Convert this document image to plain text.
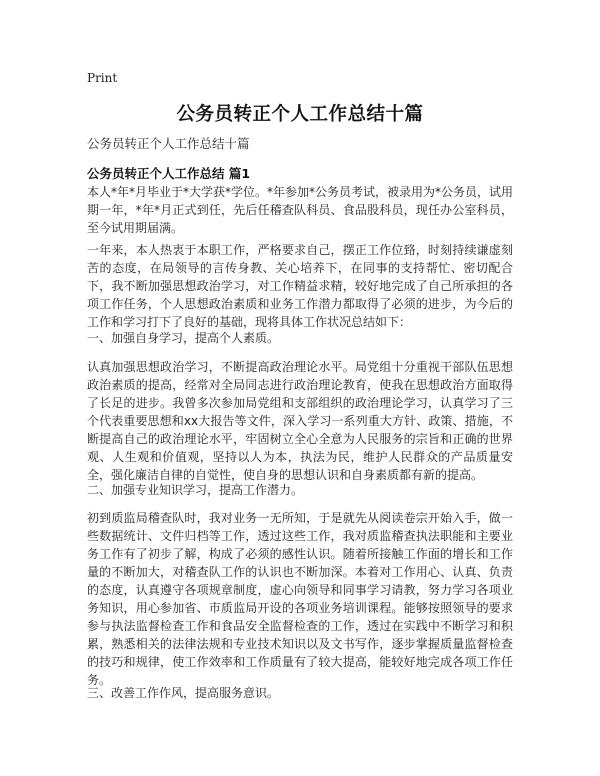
Print
公务员转正个人工作总结十篇
公务员转正个人工作总结十篇
公务员转正个人工作总结 篇1

本人*年*月毕业于*大学获*学位。*年参加*公务员考试，被录用为*公务员，试用期一年，*年*月正式到任，先后任稽查队科员、食品股科员，现任办公室科员，至今试用期届满。

一年来，本人热衷于本职工作，严格要求自己，摆正工作位臵，时刻持续谦虚刻苦的态度，在局领导的言传身教、关心培养下，在同事的支持帮忙、密切配合下，我不断加强思想政治学习，对工作精益求精，较好地完成了自己所承担的各项工作任务，个人思想政治素质和业务工作潜力都取得了必须的进步，为今后的工作和学习打下了良好的基础，现将具体工作状况总结如下：

一、加强自身学习，提高个人素质。

认真加强思想政治学习，不断提高政治理论水平。局党组十分重视干部队伍思想政治素质的提高，经常对全局同志进行政治理论教育，使我在思想政治方面取得了长足的进步。我曾多次参加局党组和支部组织的政治理论学习，认真学习了三个代表重要思想和xx大报告等文件，深入学习一系列重大方针、政策、措施，不断提高自己的政治理论水平，牢固树立全心全意为人民服务的宗旨和正确的世界观、人生观和价值观，坚持以人为本，执法为民，维护人民群众的产品质量安全，强化廉洁自律的自觉性，使自身的思想认识和自身素质都有新的提高。

二、加强专业知识学习，提高工作潜力。

初到质监局稽查队时，我对业务一无所知，于是就先从阅读卷宗开始入手，做一些数据统计、文件归档等工作，透过这些工作，我对质监稽查执法职能和主要业务工作有了初步了解，构成了必须的感性认识。随着所接触工作面的增长和工作量的不断加大，对稽查队工作的认识也不断加深。本着对工作用心、认真、负责的态度，认真遵守各项规章制度，虚心向领导和同事学习请教，努力学习各项业务知识，用心参加省、市质监局开设的各项业务培训课程。能够按照领导的要求参与执法监督检查工作和食品安全监督检查的工作，透过在实践中不断学习和积累，熟悉相关的法律法规和专业技术知识以及文书写作，逐步掌握质量监督检查的技巧和规律，使工作效率和工作质量有了较大提高，能较好地完成各项工作任务。

三、改善工作作风，提高服务意识。
